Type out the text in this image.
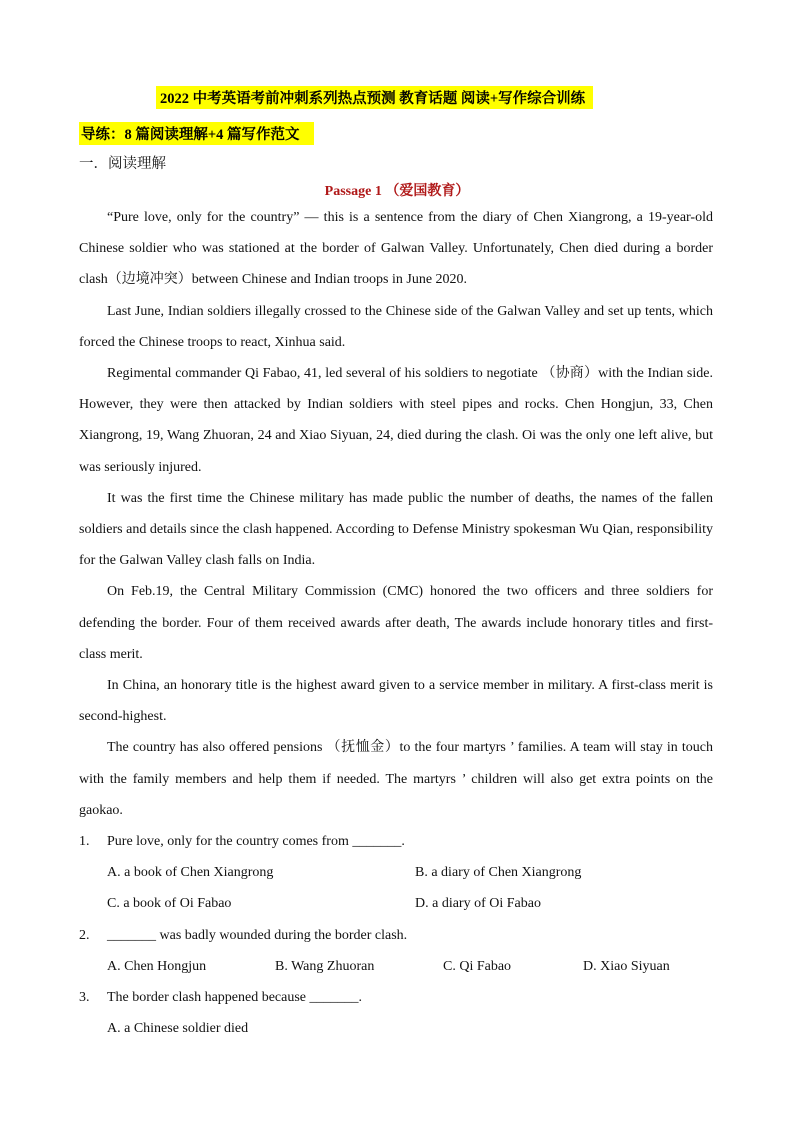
2022 中考英语考前冲刺系列热点预测 教育话题 阅读+写作综合训练
导练：8 篇阅读理解+4 篇写作范文
一．阅读理解
Passage 1 （爱国教育）

“Pure love, only for the country” — this is a sentence from the diary of Chen Xiangrong, a 19-year-old Chinese soldier who was stationed at the border of Galwan Valley. Unfortunately, Chen died during a border clash（边境冲突）between Chinese and Indian troops in June 2020.

Last June, Indian soldiers illegally crossed to the Chinese side of the Galwan Valley and set up tents, which forced the Chinese troops to react, Xinhua said.

Regimental commander Qi Fabao, 41, led several of his soldiers to negotiate （协商）with the Indian side. However, they were then attacked by Indian soldiers with steel pipes and rocks. Chen Hongjun, 33, Chen Xiangrong, 19, Wang Zhuoran, 24 and Xiao Siyuan, 24, died during the clash. Oi was the only one left alive, but was seriously injured.

It was the first time the Chinese military has made public the number of deaths, the names of the fallen soldiers and details since the clash happened. According to Defense Ministry spokesman Wu Qian, responsibility for the Galwan Valley clash falls on India.

On Feb.19, the Central Military Commission (CMC) honored the two officers and three soldiers for defending the border. Four of them received awards after death, The awards include honorary titles and first-class merit.

In China, an honorary title is the highest award given to a service member in military. A first-class merit is second-highest.

The country has also offered pensions （抚恤金）to the four martyrs ’ families. A team will stay in touch with the family members and help them if needed. The martyrs ’ children will also get extra points on the gaokao.

1.	Pure love, only for the country comes from _______.
A. a book of Chen Xiangrong	B. a diary of Chen Xiangrong
C. a book of Oi Fabao	D. a diary of Oi Fabao
2.	_______ was badly wounded during the border clash.
A. Chen Hongjun	B. Wang Zhuoran	C. Qi Fabao	D. Xiao Siyuan
3.	The border clash happened because _______.
A. a Chinese soldier died
